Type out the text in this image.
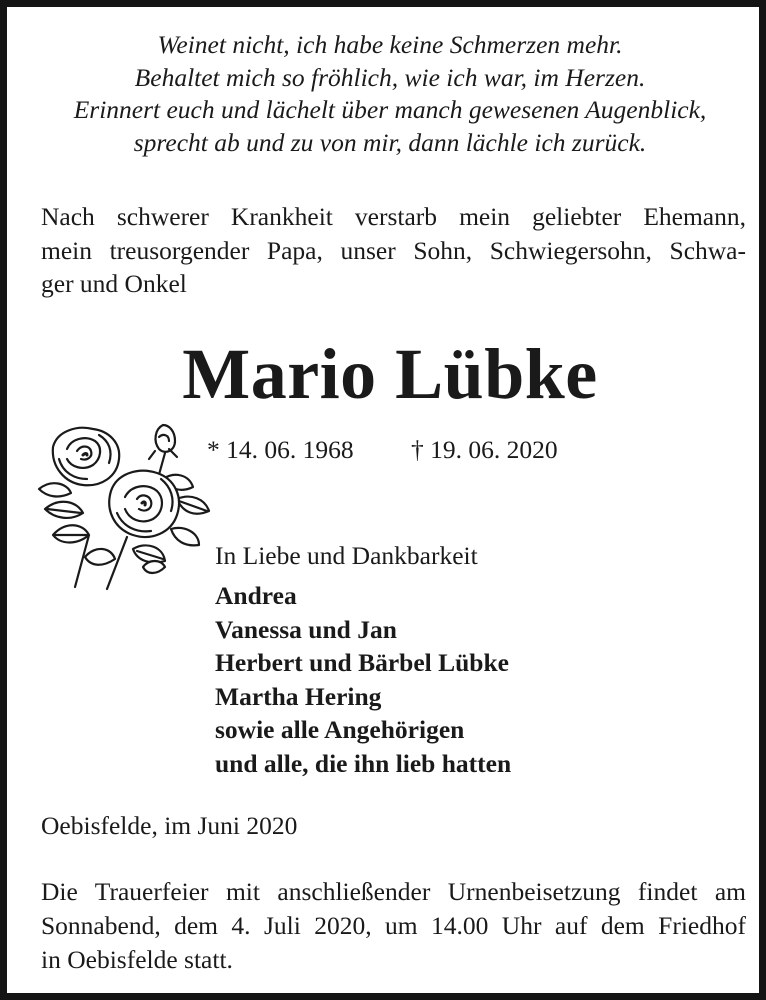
Weinet nicht, ich habe keine Schmerzen mehr.
Behaltet mich so fröhlich, wie ich war, im Herzen.
Erinnert euch und lächelt über manch gewesenen Augenblick,
sprecht ab und zu von mir, dann lächle ich zurück.
Nach schwerer Krankheit verstarb mein geliebter Ehemann,
mein treusorgender Papa, unser Sohn, Schwiegersohn, Schwa-
ger und Onkel
Mario Lübke
* 14. 06. 1968 † 19. 06. 2020
In Liebe und Dankbarkeit
Andrea
Vanessa und Jan
Herbert und Bärbel Lübke
Martha Hering
sowie alle Angehörigen
und alle, die ihn lieb hatten
Oebisfelde, im Juni 2020
Die Trauerfeier mit anschließender Urnenbeisetzung findet am
Sonnabend, dem 4. Juli 2020, um 14.00 Uhr auf dem Friedhof
in Oebisfelde statt.
